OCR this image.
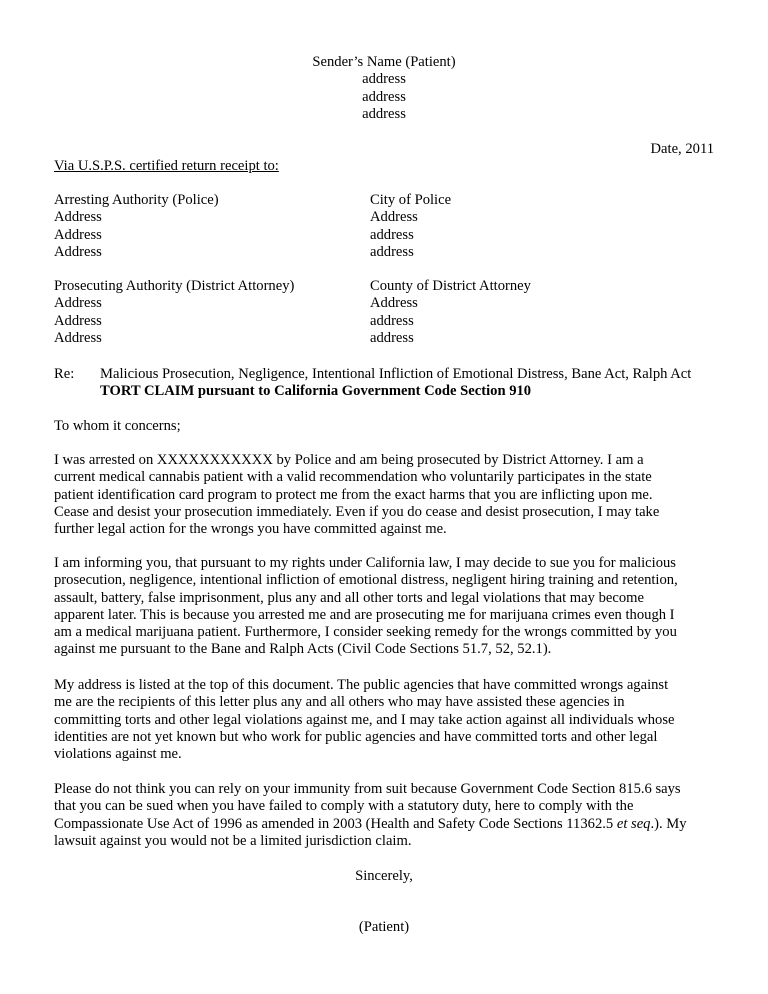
Sender’s Name (Patient)
address
address
address
Date, 2011
Via U.S.P.S. certified return receipt to:
Arresting Authority (Police)
Address
Address
Address
City of Police
Address
address
address
Prosecuting Authority (District Attorney)
Address
Address
Address
County of District Attorney
Address
address
address
Re: Malicious Prosecution, Negligence, Intentional Infliction of Emotional Distress, Bane Act, Ralph Act
TORT CLAIM pursuant to California Government Code Section 910
To whom it concerns;
I was arrested on XXXXXXXXXXX by Police and am being prosecuted by District Attorney. I am a
current medical cannabis patient with a valid recommendation who voluntarily participates in the state
patient identification card program to protect me from the exact harms that you are inflicting upon me.
Cease and desist your prosecution immediately. Even if you do cease and desist prosecution, I may take
further legal action for the wrongs you have committed against me.
I am informing you, that pursuant to my rights under California law, I may decide to sue you for malicious
prosecution, negligence, intentional infliction of emotional distress, negligent hiring training and retention,
assault, battery, false imprisonment, plus any and all other torts and legal violations that may become
apparent later. This is because you arrested me and are prosecuting me for marijuana crimes even though I
am a medical marijuana patient. Furthermore, I consider seeking remedy for the wrongs committed by you
against me pursuant to the Bane and Ralph Acts (Civil Code Sections 51.7, 52, 52.1).
My address is listed at the top of this document. The public agencies that have committed wrongs against
me are the recipients of this letter plus any and all others who may have assisted these agencies in
committing torts and other legal violations against me, and I may take action against all individuals whose
identities are not yet known but who work for public agencies and have committed torts and other legal
violations against me.
Please do not think you can rely on your immunity from suit because Government Code Section 815.6 says
that you can be sued when you have failed to comply with a statutory duty, here to comply with the
Compassionate Use Act of 1996 as amended in 2003 (Health and Safety Code Sections 11362.5 et seq.). My
lawsuit against you would not be a limited jurisdiction claim.
Sincerely,
(Patient)
